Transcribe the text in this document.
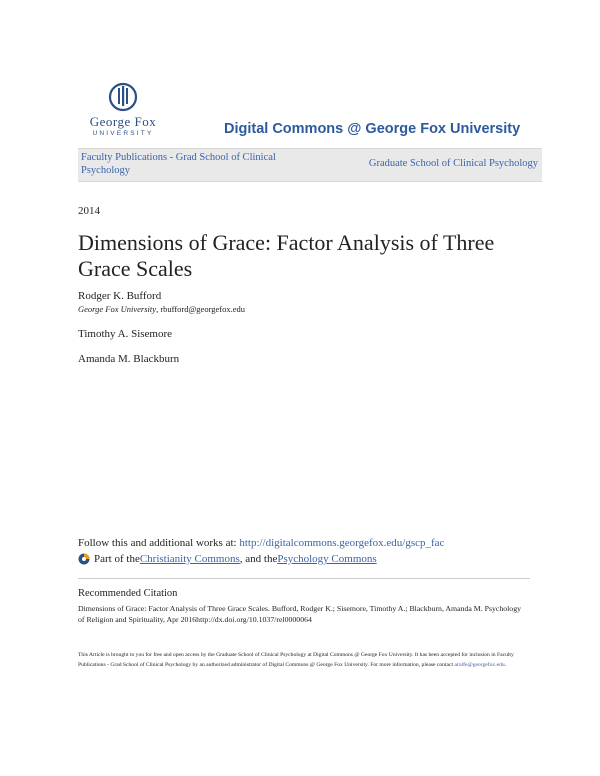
George Fox
UNIVERSITY	Digital Commons @ George Fox University
Faculty Publications - Grad School of Clinical Psychology
Graduate School of Clinical Psychology
2014
Dimensions of Grace: Factor Analysis of Three Grace Scales
Rodger K. Bufford
George Fox University, rbufford@georgefox.edu
Timothy A. Sisemore
Amanda M. Blackburn
Follow this and additional works at: http://digitalcommons.georgefox.edu/gscp_fac
Part of the Christianity Commons , and the Psychology Commons
Recommended Citation
Dimensions of Grace: Factor Analysis of Three Grace Scales. Bufford, Rodger K.; Sisemore, Timothy A.; Blackburn, Amanda M. Psychology of Religion and Spirituality, Apr 2016http://dx.doi.org/10.1037/rel0000064
This Article is brought to you for free and open access by the Graduate School of Clinical Psychology at Digital Commons @ George Fox University. It has been accepted for inclusion in Faculty Publications - Grad School of Clinical Psychology by an authorized administrator of Digital Commons @ George Fox University. For more information, please contact arolfe@georgefox.edu.
